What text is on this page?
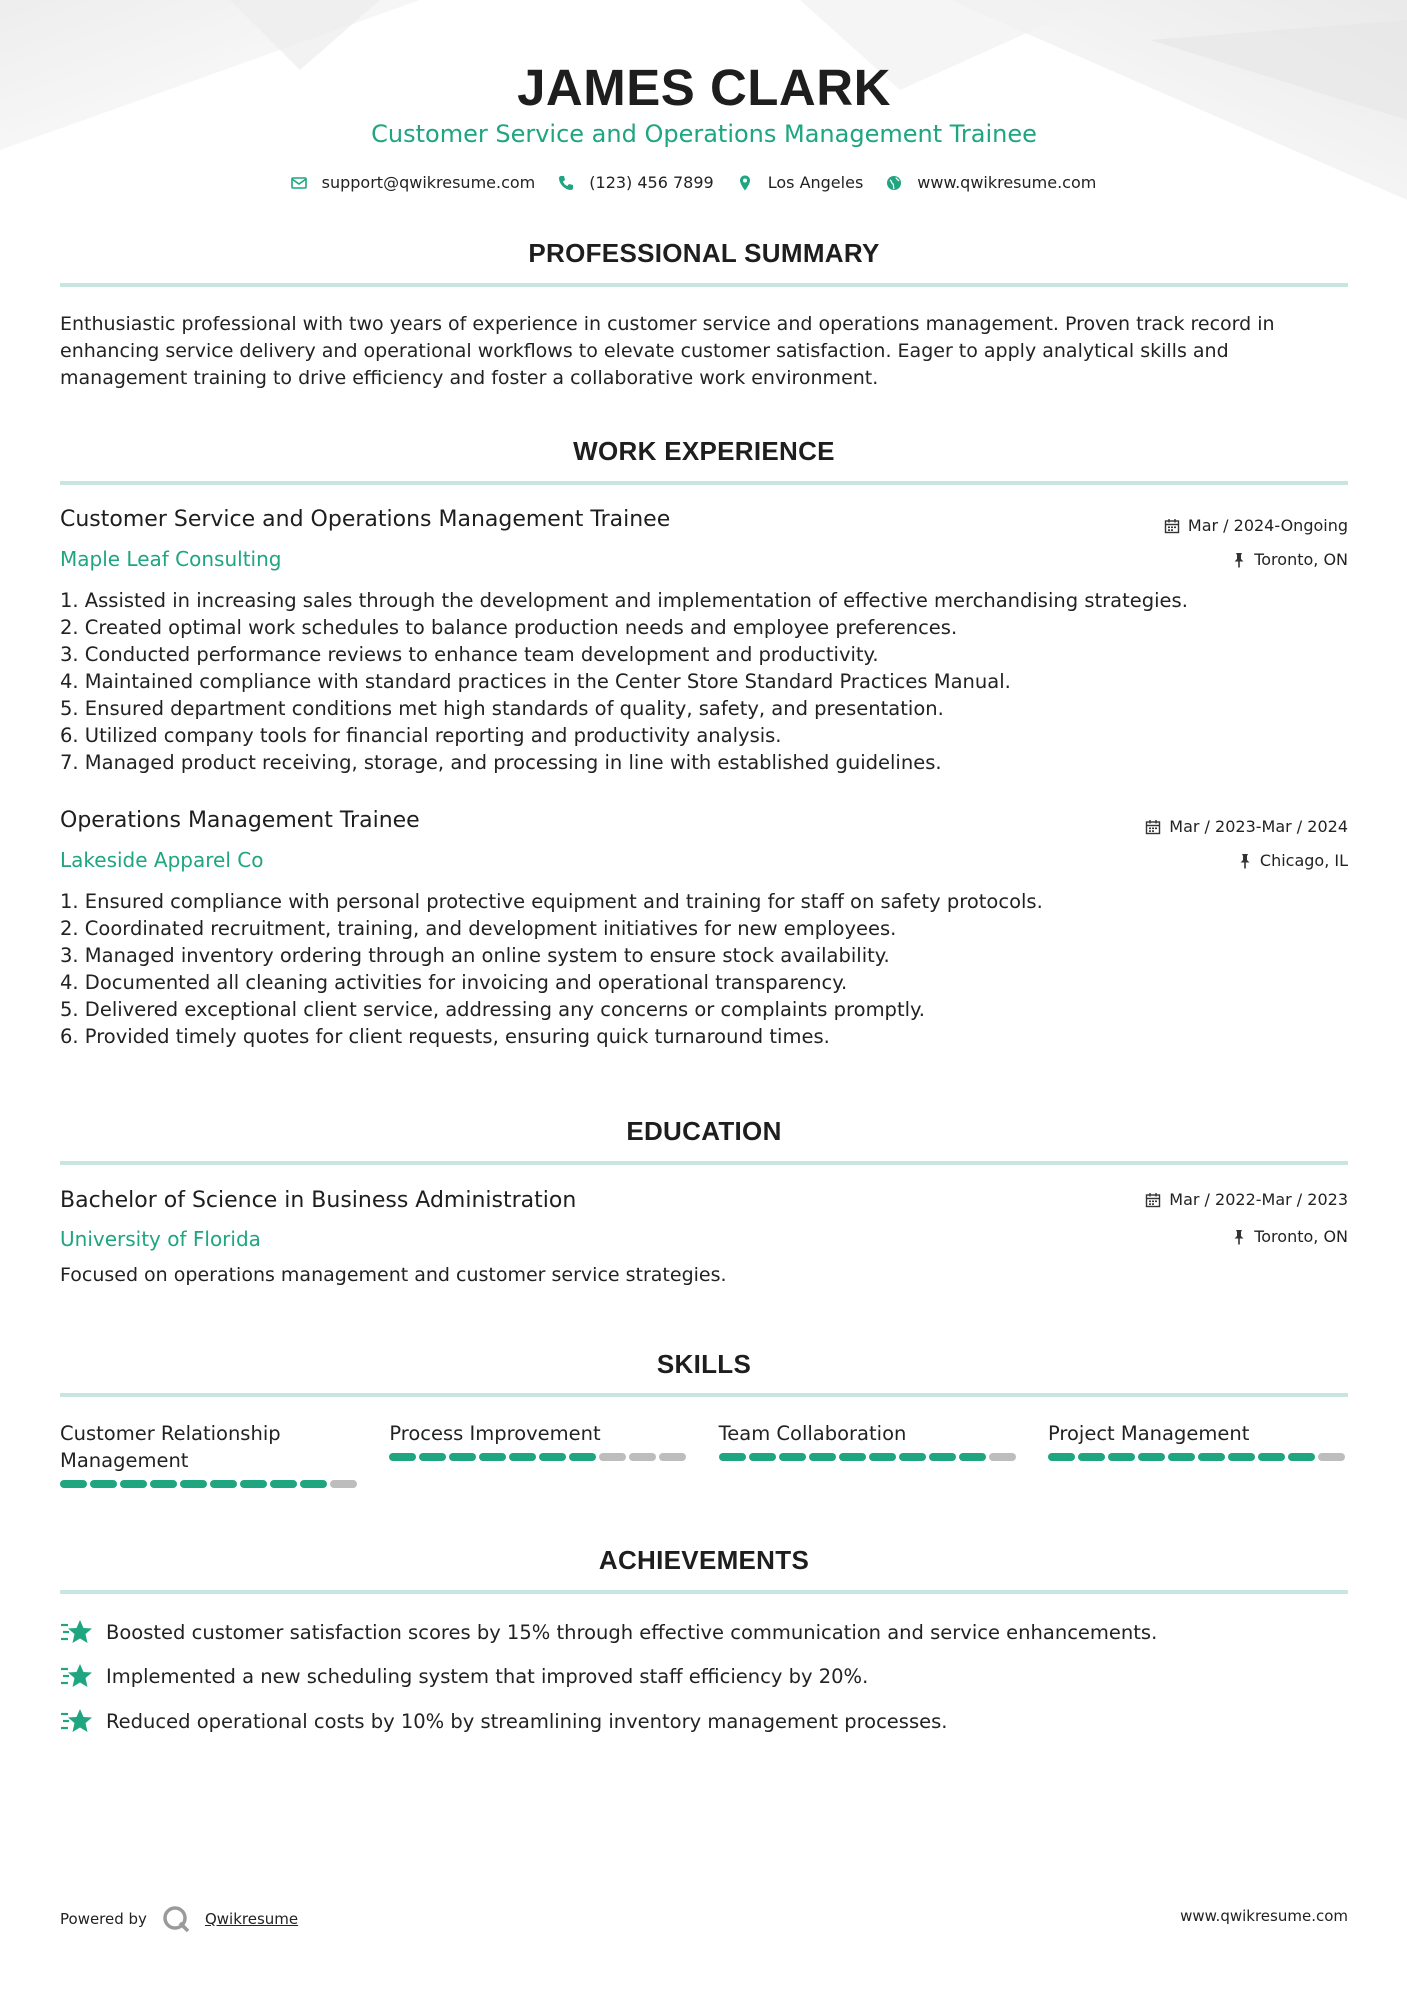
JAMES CLARK
Customer Service and Operations Management Trainee
support@qwikresume.com	(123) 456 7899	Los Angeles	www.qwikresume.com
PROFESSIONAL SUMMARY
Enthusiastic professional with two years of experience in customer service and operations management. Proven track record in enhancing service delivery and operational workflows to elevate customer satisfaction. Eager to apply analytical skills and management training to drive efficiency and foster a collaborative work environment.
WORK EXPERIENCE
Customer Service and Operations Management Trainee	Mar / 2024-Ongoing
Maple Leaf Consulting	Toronto, ON
1. Assisted in increasing sales through the development and implementation of effective merchandising strategies.
2. Created optimal work schedules to balance production needs and employee preferences.
3. Conducted performance reviews to enhance team development and productivity.
4. Maintained compliance with standard practices in the Center Store Standard Practices Manual.
5. Ensured department conditions met high standards of quality, safety, and presentation.
6. Utilized company tools for financial reporting and productivity analysis.
7. Managed product receiving, storage, and processing in line with established guidelines.
Operations Management Trainee	Mar / 2023-Mar / 2024
Lakeside Apparel Co	Chicago, IL
1. Ensured compliance with personal protective equipment and training for staff on safety protocols.
2. Coordinated recruitment, training, and development initiatives for new employees.
3. Managed inventory ordering through an online system to ensure stock availability.
4. Documented all cleaning activities for invoicing and operational transparency.
5. Delivered exceptional client service, addressing any concerns or complaints promptly.
6. Provided timely quotes for client requests, ensuring quick turnaround times.
EDUCATION
Bachelor of Science in Business Administration	Mar / 2022-Mar / 2023
University of Florida	Toronto, ON
Focused on operations management and customer service strategies.
SKILLS
Customer Relationship Management
Process Improvement	Team Collaboration	Project Management
ACHIEVEMENTS
Boosted customer satisfaction scores by 15% through effective communication and service enhancements.
Implemented a new scheduling system that improved staff efficiency by 20%.
Reduced operational costs by 10% by streamlining inventory management processes.
Powered by	Qwikresume	www.qwikresume.com
